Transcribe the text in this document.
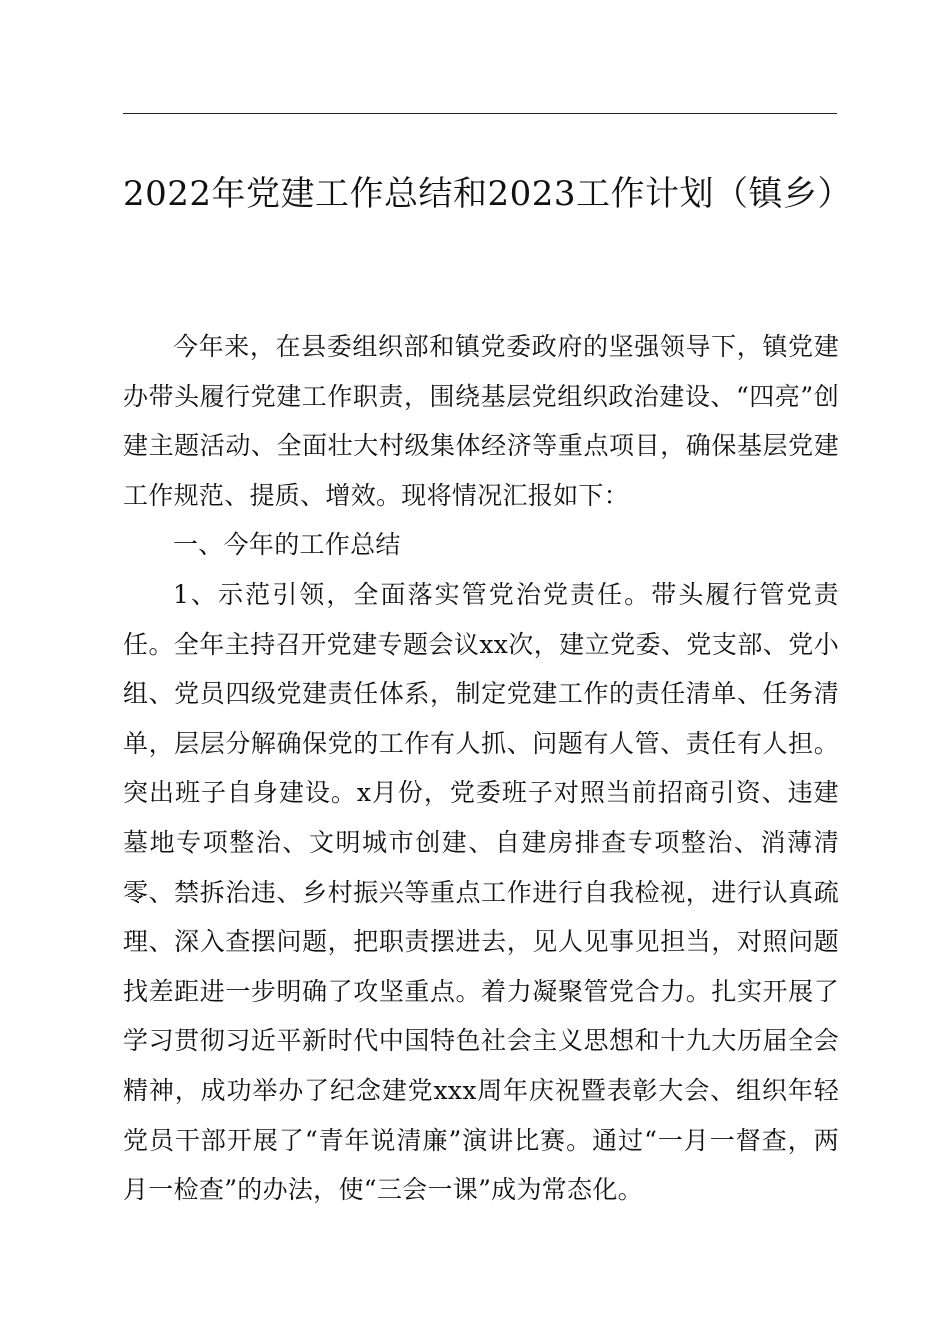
2022年党建工作总结和2023工作计划（镇乡）

今年来，在县委组织部和镇党委政府的坚强领导下，镇党建办带头履行党建工作职责，围绕基层党组织政治建设、“四亮”创建主题活动、全面壮大村级集体经济等重点项目，确保基层党建工作规范、提质、增效。现将情况汇报如下：

一、今年的工作总结

1、示范引领，全面落实管党治党责任。带头履行管党责任。全年主持召开党建专题会议xx次，建立党委、党支部、党小组、党员四级党建责任体系，制定党建工作的责任清单、任务清单，层层分解确保党的工作有人抓、问题有人管、责任有人担。突出班子自身建设。x月份，党委班子对照当前招商引资、违建墓地专项整治、文明城市创建、自建房排查专项整治、消薄清零、禁拆治违、乡村振兴等重点工作进行自我检视，进行认真疏理、深入查摆问题，把职责摆进去，见人见事见担当，对照问题找差距进一步明确了攻坚重点。着力凝聚管党合力。扎实开展了学习贯彻习近平新时代中国特色社会主义思想和十九大历届全会精神，成功举办了纪念建党xxx周年庆祝暨表彰大会、组织年轻党员干部开展了“青年说清廉”演讲比赛。通过“一月一督查，两月一检查”的办法，使“三会一课”成为常态化。
